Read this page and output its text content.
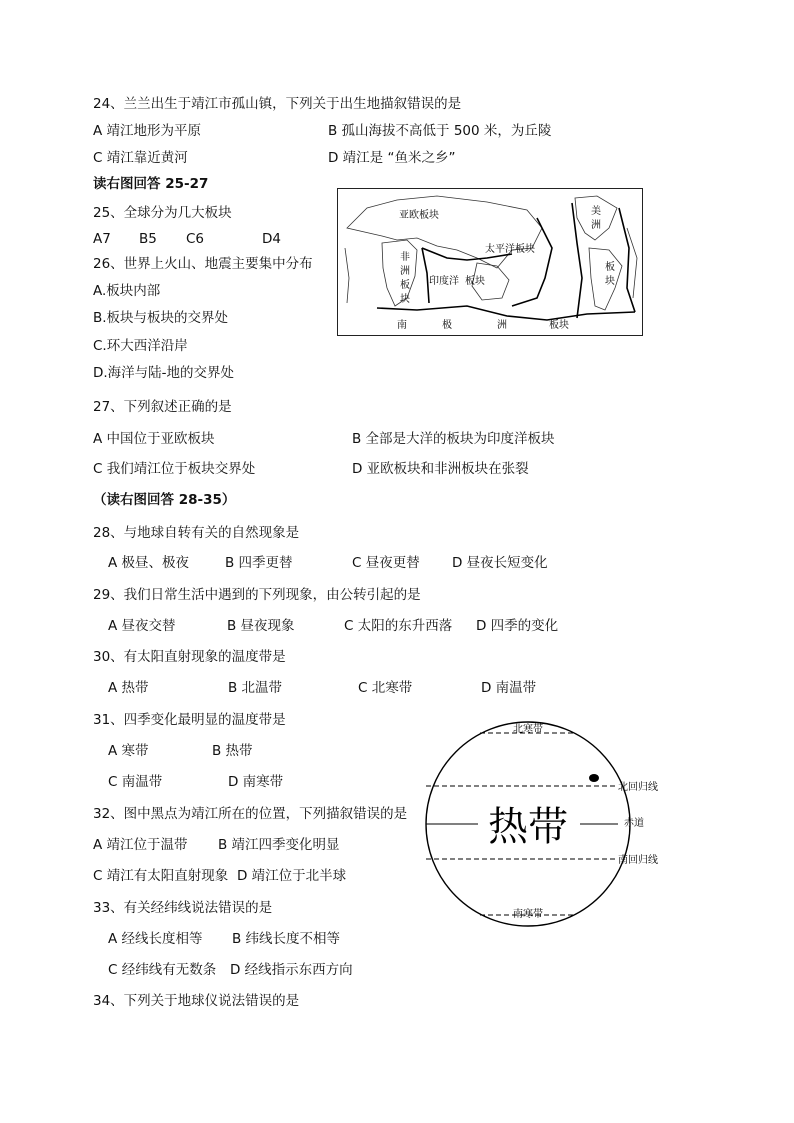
24、兰兰出生于靖江市孤山镇，下列关于出生地描叙错误的是
A 靖江地形为平原	B 孤山海拔不高低于 500 米，为丘陵
C 靖江靠近黄河	D 靖江是 “鱼米之乡”
读右图回答 25-27
25、全球分为几大板块
A7 B5 C6	D4
26、世界上火山、地震主要集中分布
A.板块内部
B.板块与板块的交界处
C.环大西洋沿岸
D.海洋与陆-地的交界处
亚欧板块
太平洋板块
非
洲
板
块
印度洋 板块
美
洲
板
块
南	极	洲	板块
27、下列叙述正确的是
A 中国位于亚欧板块	B 全部是大洋的板块为印度洋板块
C 我们靖江位于板块交界处	D 亚欧板块和非洲板块在张裂
（读右图回答 28-35）
28、与地球自转有关的自然现象是
A 极昼、极夜	B 四季更替	C 昼夜更替 D 昼夜长短变化
29、我们日常生活中遇到的下列现象，由公转引起的是
A 昼夜交替	B 昼夜现象	C 太阳的东升西落 D 四季的变化
30、有太阳直射现象的温度带是
A 热带	B 北温带	C 北寒带	D 南温带
31、四季变化最明显的温度带是
A 寒带	B 热带
C 南温带	D 南寒带
32、图中黑点为靖江所在的位置，下列描叙错误的是
A 靖江位于温带 B 靖江四季变化明显
C 靖江有太阳直射现象 D 靖江位于北半球
33、有关经纬线说法错误的是
A 经线长度相等 B 纬线长度不相等
C 经纬线有无数条 D 经线指示东西方向
34、下列关于地球仪说法错误的是
北寒带
南寒带
热带
北回归线
赤道
南回归线
